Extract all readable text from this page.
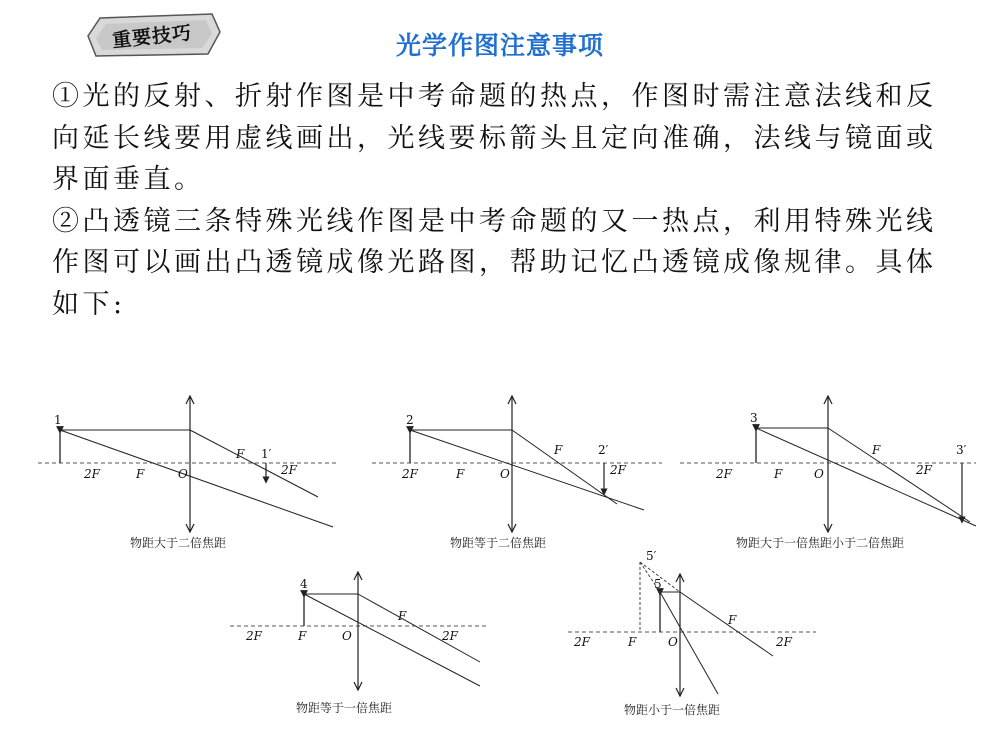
重要技巧	光学作图注意事项

①光的反射、折射作图是中考命题的热点，作图时需注意法线和反向延长线要用虚线画出，光线要标箭头且定向准确，法线与镜面或界面垂直。

②凸透镜三条特殊光线作图是中考命题的又一热点，利用特殊光线作图可以画出凸透镜成像光路图，帮助记忆凸透镜成像规律。具体如下:

1
1′
2F	F	O
F
2F
物距大于二倍焦距
2
2′
2F	F	O
F
2F
物距等于二倍焦距
3
3′
2F	F	O
F
2F
物距大于一倍焦距小于二倍焦距
4
2F	F	O
F
2F
物距等于一倍焦距
5′
5
2F	F	O
F
2F
物距小于一倍焦距
